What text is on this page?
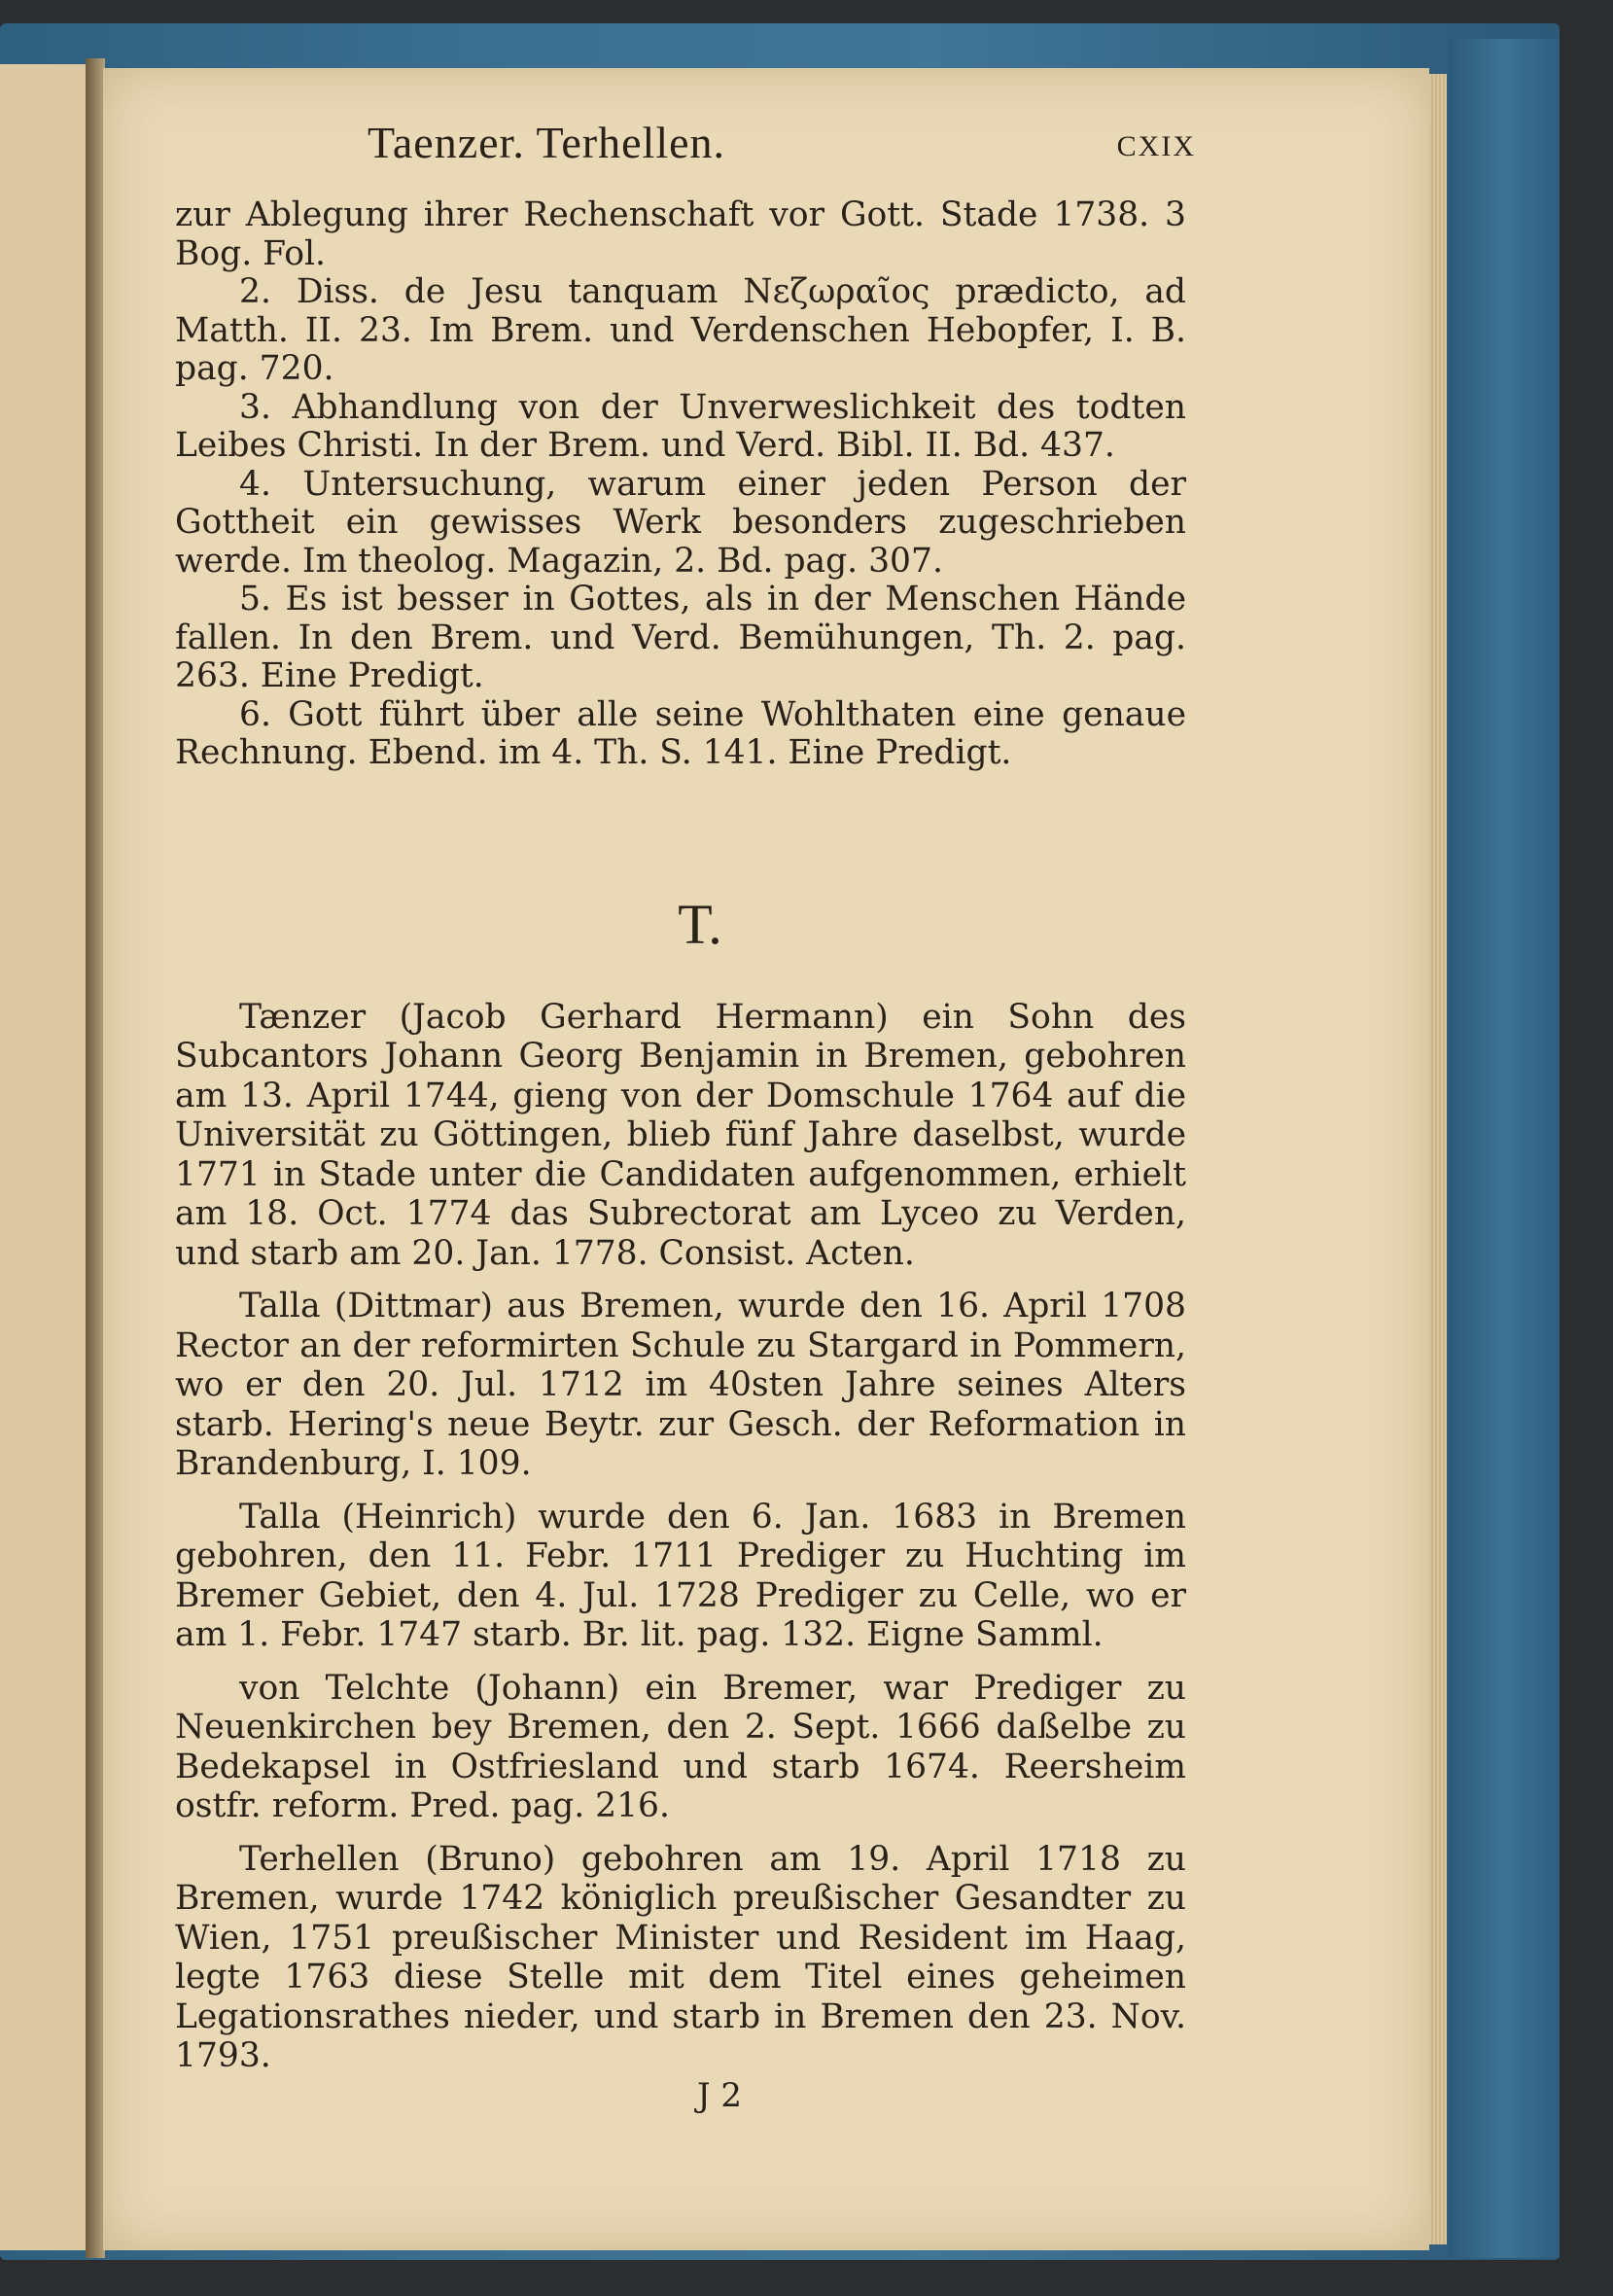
Taenzer. Terhellen.	CXIX

zur Ablegung ihrer Rechenschaft vor Gott. Stade 1738. 3 Bog. Fol.

2. Diss. de Jesu tanquam Νεζωραῖος prædicto, ad Matth. II. 23. Im Brem. und Verdenschen Hebopfer, I. B. pag. 720.

3. Abhandlung von der Unverweslichkeit des todten Leibes Christi. In der Brem. und Verd. Bibl. II. Bd. 437.

4. Untersuchung, warum einer jeden Person der Gottheit ein gewisses Werk besonders zugeschrieben werde. Im theolog. Magazin, 2. Bd. pag. 307.

5. Es ist besser in Gottes, als in der Menschen Hände fallen. In den Brem. und Verd. Bemühungen, Th. 2. pag. 263. Eine Predigt.

6. Gott führt über alle seine Wohlthaten eine genaue Rechnung. Ebend. im 4. Th. S. 141. Eine Predigt.

T.

Tænzer (Jacob Gerhard Hermann) ein Sohn des Subcantors Johann Georg Benjamin in Bremen, gebohren am 13. April 1744, gieng von der Domschule 1764 auf die Universität zu Göttingen, blieb fünf Jahre daselbst, wurde 1771 in Stade unter die Candidaten aufgenommen, erhielt am 18. Oct. 1774 das Subrectorat am Lyceo zu Verden, und starb am 20. Jan. 1778. Consist. Acten.

Talla (Dittmar) aus Bremen, wurde den 16. April 1708 Rector an der reformirten Schule zu Stargard in Pommern, wo er den 20. Jul. 1712 im 40sten Jahre seines Alters starb. Hering's neue Beytr. zur Gesch. der Reformation in Brandenburg, I. 109.

Talla (Heinrich) wurde den 6. Jan. 1683 in Bremen gebohren, den 11. Febr. 1711 Prediger zu Huchting im Bremer Gebiet, den 4. Jul. 1728 Prediger zu Celle, wo er am 1. Febr. 1747 starb. Br. lit. pag. 132. Eigne Samml.

von Telchte (Johann) ein Bremer, war Prediger zu Neuenkirchen bey Bremen, den 2. Sept. 1666 daßelbe zu Bedekapsel in Ostfriesland und starb 1674. Reersheim ostfr. reform. Pred. pag. 216.

Terhellen (Bruno) gebohren am 19. April 1718 zu Bremen, wurde 1742 königlich preußischer Gesandter zu Wien, 1751 preußischer Minister und Resident im Haag, legte 1763 diese Stelle mit dem Titel eines geheimen Legationsrathes nieder, und starb in Bremen den 23. Nov. 1793.

J 2
